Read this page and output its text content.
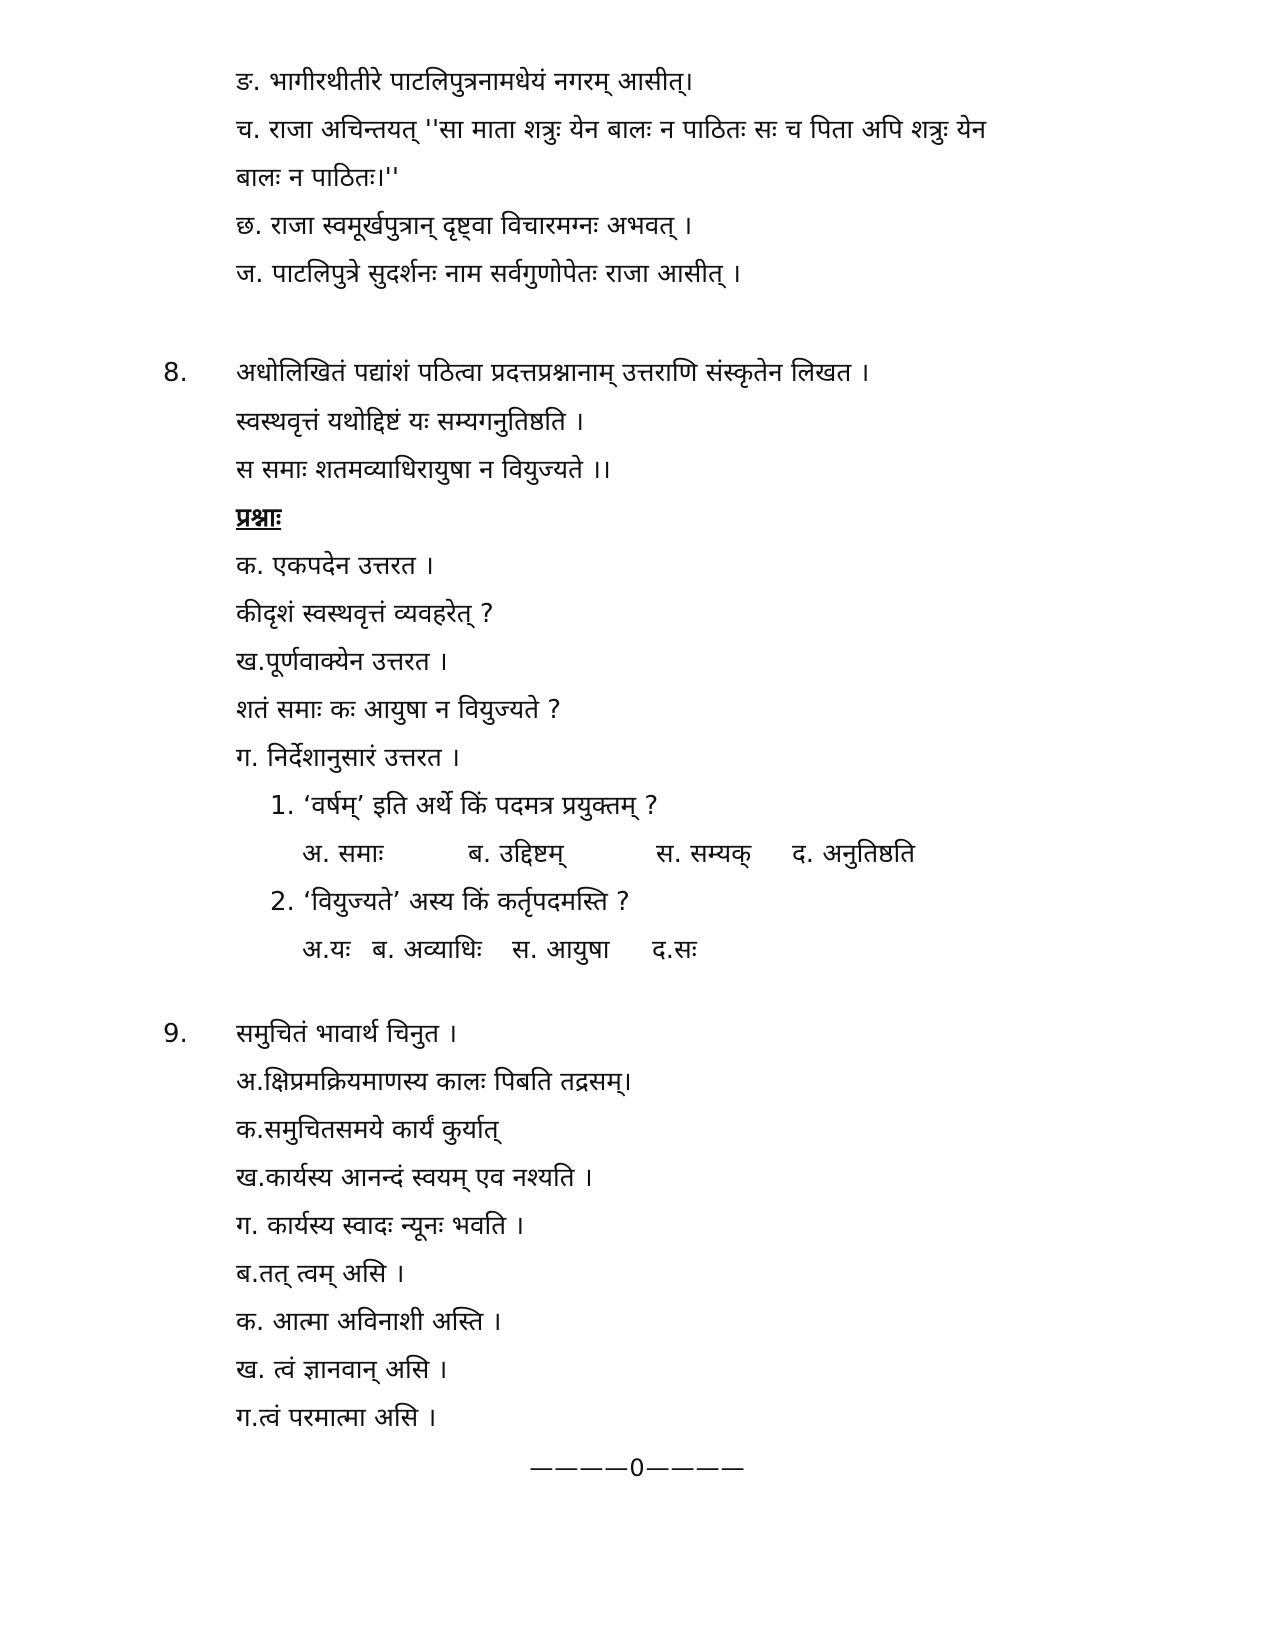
ङ. भागीरथीतीरे पाटलिपुत्रनामधेयं नगरम् आसीत्।
च. राजा अचिन्तयत् ''सा माता शत्रुः येन बालः न पाठितः सः च पिता अपि शत्रुः येन
बालः न पाठितः।''
छ. राजा स्वमूर्खपुत्रान् दृष्ट्वा विचारमग्नः अभवत् ।
ज. पाटलिपुत्रे सुदर्शनः नाम सर्वगुणोपेतः राजा आसीत् ।
8. अधोलिखितं पद्यांशं पठित्वा प्रदत्तप्रश्नानाम् उत्तराणि संस्कृतेन लिखत ।
स्वस्थवृत्तं यथोद्दिष्टं यः सम्यगनुतिष्ठति ।
स समाः शतमव्याधिरायुषा न वियुज्यते ।।
प्रश्नाः
क. एकपदेन उत्तरत ।
कीदृशं स्वस्थवृत्तं व्यवहरेत् ?
ख.पूर्णवाक्येन उत्तरत ।
शतं समाः कः आयुषा न वियुज्यते ?
ग. निर्देशानुसारं उत्तरत ।
1. ‘वर्षम्’ इति अर्थे किं पदमत्र प्रयुक्तम् ?
अ. समाः	ब. उद्दिष्टम्	स. सम्यक् द. अनुतिष्ठति
2. ‘वियुज्यते’ अस्य किं कर्तृपदमस्ति ?
अ.यः ब. अव्याधिः स. आयुषा द.सः
9. समुचितं भावार्थ चिनुत ।
अ.क्षिप्रमक्रियमाणस्य कालः पिबति तद्रसम्।
क.समुचितसमये कार्यं कुर्यात्
ख.कार्यस्य आनन्दं स्वयम् एव नश्यति ।
ग. कार्यस्य स्वादः न्यूनः भवति ।
ब.तत् त्वम् असि ।
क. आत्मा अविनाशी अस्ति ।
ख. त्वं ज्ञानवान् असि ।
ग.त्वं परमात्मा असि ।
————0————
